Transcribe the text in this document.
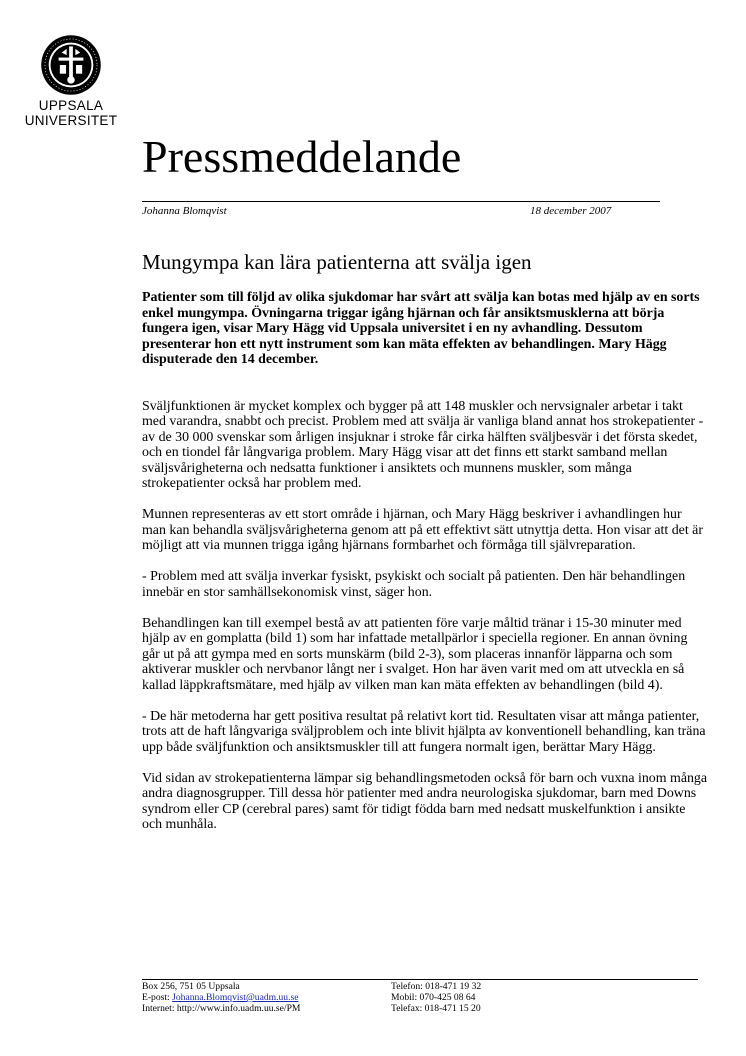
UPPSALA
UNIVERSITET
Pressmeddelande
Johanna Blomqvist	18 december 2007
Mungympa kan lära patienterna att svälja igen

Patienter som till följd av olika sjukdomar har svårt att svälja kan botas med hjälp av en sorts enkel mungympa. Övningarna triggar igång hjärnan och får ansiktsmusklerna att börja fungera igen, visar Mary Hägg vid Uppsala universitet i en ny avhandling. Dessutom presenterar hon ett nytt instrument som kan mäta effekten av behandlingen. Mary Hägg disputerade den 14 december.

Sväljfunktionen är mycket komplex och bygger på att 148 muskler och nervsignaler arbetar i takt med varandra, snabbt och precist. Problem med att svälja är vanliga bland annat hos strokepatienter - av de 30 000 svenskar som årligen insjuknar i stroke får cirka hälften sväljbesvär i det första skedet, och en tiondel får långvariga problem. Mary Hägg visar att det finns ett starkt samband mellan sväljsvårigheterna och nedsatta funktioner i ansiktets och munnens muskler, som många strokepatienter också har problem med.

Munnen representeras av ett stort område i hjärnan, och Mary Hägg beskriver i avhandlingen hur man kan behandla sväljsvårigheterna genom att på ett effektivt sätt utnyttja detta. Hon visar att det är möjligt att via munnen trigga igång hjärnans formbarhet och förmåga till självreparation.

- Problem med att svälja inverkar fysiskt, psykiskt och socialt på patienten. Den här behandlingen innebär en stor samhällsekonomisk vinst, säger hon.

Behandlingen kan till exempel bestå av att patienten före varje måltid tränar i 15-30 minuter med hjälp av en gomplatta (bild 1) som har infattade metallpärlor i speciella regioner. En annan övning går ut på att gympa med en sorts munskärm (bild 2-3), som placeras innanför läpparna och som aktiverar muskler och nervbanor långt ner i svalget. Hon har även varit med om att utveckla en så kallad läppkraftsmätare, med hjälp av vilken man kan mäta effekten av behandlingen (bild 4).

- De här metoderna har gett positiva resultat på relativt kort tid. Resultaten visar att många patienter, trots att de haft långvariga sväljproblem och inte blivit hjälpta av konventionell behandling, kan träna upp både sväljfunktion och ansiktsmuskler till att fungera normalt igen, berättar Mary Hägg.

Vid sidan av strokepatienterna lämpar sig behandlingsmetoden också för barn och vuxna inom många andra diagnosgrupper. Till dessa hör patienter med andra neurologiska sjukdomar, barn med Downs syndrom eller CP (cerebral pares) samt för tidigt födda barn med nedsatt muskelfunktion i ansikte och munhåla.

Box 256, 751 05 Uppsala
E-post: Johanna.Blomqvist@uadm.uu.se
Internet: http://www.info.uadm.uu.se/PM
Telefon: 018-471 19 32
Mobil: 070-425 08 64
Telefax: 018-471 15 20
